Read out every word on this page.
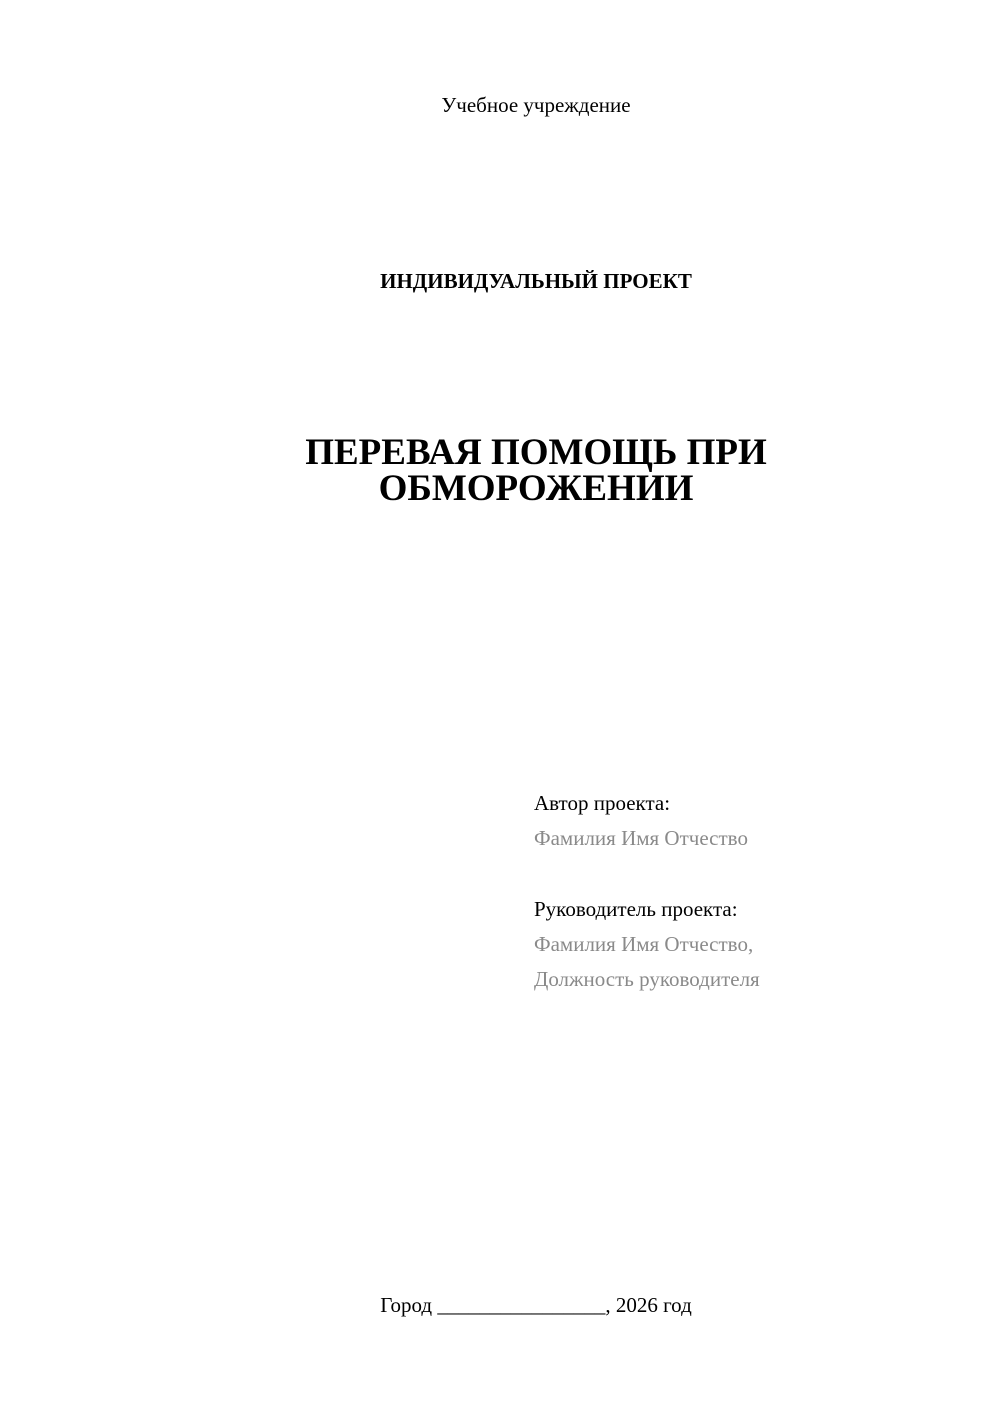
Учебное учреждение
ИНДИВИДУАЛЬНЫЙ ПРОЕКТ
ПЕРЕВАЯ ПОМОЩЬ ПРИ
ОБМОРОЖЕНИИ
Автор проекта:
Фамилия Имя Отчество
Руководитель проекта:
Фамилия Имя Отчество,
Должность руководителя
Город ________________, 2026 год
